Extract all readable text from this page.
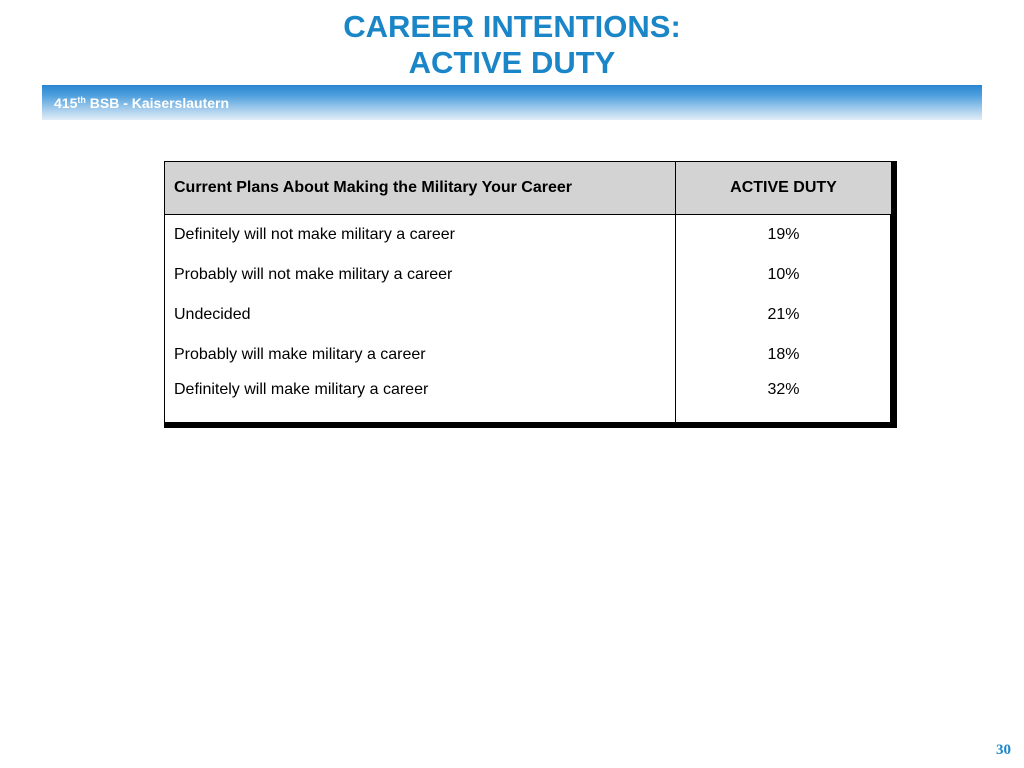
CAREER INTENTIONS:
ACTIVE DUTY
415th BSB - Kaiserslautern
Current Plans About Making the Military Your Career	ACTIVE DUTY
Definitely will not make military a career	19%
Probably will not make military a career	10%
Undecided	21%
Probably will make military a career	18%
Definitely will make military a career	32%
30
